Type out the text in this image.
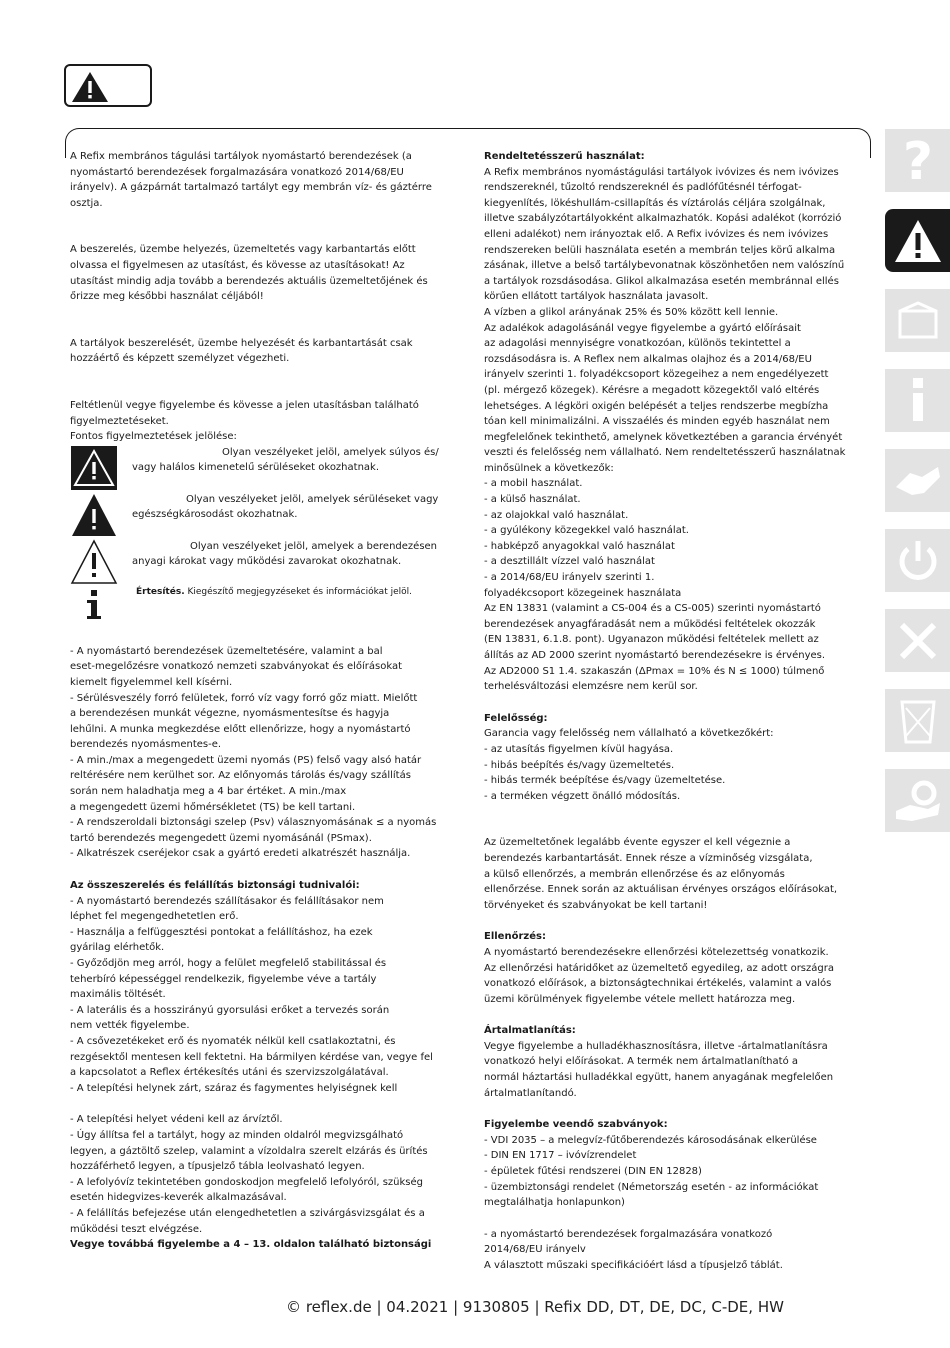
A Refix membrános tágulási tartályok nyomástartó berendezések (a
nyomástartó berendezések forgalmazására vonatkozó 2014/68/EU
irányelv). A gázpárnát tartalmazó tartályt egy membrán víz- és gáztérre
osztja.

A beszerelés, üzembe helyezés, üzemeltetés vagy karbantartás előtt
olvassa el figyelmesen az utasítást, és kövesse az utasításokat! Az
utasítást mindig adja tovább a berendezés aktuális üzemeltetőjének és
őrizze meg későbbi használat céljából!

A tartályok beszerelését, üzembe helyezését és karbantartását csak
hozzáértő és képzett személyzet végezheti.

Feltétlenül vegye figyelembe és kövesse a jelen utasításban található
figyelmeztetéseket.
Fontos figyelmeztetések jelölése:

Olyan veszélyeket jelöl, amelyek súlyos és/
vagy halálos kimenetelű sérüléseket okozhatnak.
Olyan veszélyeket jelöl, amelyek sérüléseket vagy
egészségkárosodást okozhatnak.
Olyan veszélyeket jelöl, amelyek a berendezésen
anyagi károkat vagy működési zavarokat okozhatnak.
Értesítés. Kiegészítő megjegyzéseket és információkat jelöl.

- A nyomástartó berendezések üzemeltetésére, valamint a bal
eset-megelőzésre vonatkozó nemzeti szabványokat és előírásokat
kiemelt figyelemmel kell kísérni.

- Sérülésveszély forró felületek, forró víz vagy forró gőz miatt. Mielőtt
a berendezésen munkát végezne, nyomásmentesítse és hagyja
lehűlni. A munka megkezdése előtt ellenőrizze, hogy a nyomástartó
berendezés nyomásmentes-e.

- A min./max a megengedett üzemi nyomás (PS) felső vagy alsó határ
reltérésére nem kerülhet sor. Az előnyomás tárolás és/vagy szállítás
során nem haladhatja meg a 4 bar értéket. A min./max
a megengedett üzemi hőmérsékletet (TS) be kell tartani.

- A rendszeroldali biztonsági szelep (Psv) válasznyomásának ≤ a nyomás
tartó berendezés megengedett üzemi nyomásánál (PSmax).

- Alkatrészek cseréjekor csak a gyártó eredeti alkatrészét használja.

Az összeszerelés és felállítás biztonsági tudnivalói:

- A nyomástartó berendezés szállításakor és felállításakor nem
léphet fel megengedhetetlen erő.

- Használja a felfüggesztési pontokat a felállításhoz, ha ezek
gyárilag elérhetők.

- Győződjön meg arról, hogy a felület megfelelő stabilitással és
teherbíró képességgel rendelkezik, figyelembe véve a tartály
maximális töltését.

- A laterális és a hosszirányú gyorsulási erőket a tervezés során
nem vették figyelembe.

- A csővezetékeket erő és nyomaték nélkül kell csatlakoztatni, és
rezgésektől mentesen kell fektetni. Ha bármilyen kérdése van, vegye fel
a kapcsolatot a Reflex értékesítés utáni és szervizszolgálatával.

- A telepítési helynek zárt, száraz és fagymentes helyiségnek kell

- A telepítési helyet védeni kell az árvíztől.

- Úgy állítsa fel a tartályt, hogy az minden oldalról megvizsgálható
legyen, a gáztöltő szelep, valamint a vízoldalra szerelt elzárás és ürítés
hozzáférhető legyen, a típusjelző tábla leolvasható legyen.

- A lefolyóvíz tekintetében gondoskodjon megfelelő lefolyóról, szükség
esetén hidegvizes-keverék alkalmazásával.

- A felállítás befejezése után elengedhetetlen a szivárgásvizsgálat és a
működési teszt elvégzése.

Vegye továbbá figyelembe a 4 – 13. oldalon található biztonsági

Rendeltetésszerű használat:

A Refix membrános nyomástágulási tartályok ivóvizes és nem ivóvizes
rendszereknél, tűzoltó rendszereknél és padlófűtésnél térfogat-
kiegyenlítés, lökéshullám-csillapítás és víztárolás céljára szolgálnak,
illetve szabályzótartályokként alkalmazhatók. Kopási adalékot (korrózió
elleni adalékot) nem irányoztak elő. A Refix ivóvizes és nem ivóvizes
rendszereken belüli használata esetén a membrán teljes körű alkalma
zásának, illetve a belső tartálybevonatnak köszönhetően nem valószínű
a tartályok rozsdásodása. Glikol alkalmazása esetén membránnal ellés
körűen ellátott tartályok használata javasolt.
A vízben a glikol arányának 25% és 50% között kell lennie.
Az adalékok adagolásánál vegye figyelembe a gyártó előírásait
az adagolási mennyiségre vonatkozóan, különös tekintettel a
rozsdásodásra is. A Reflex nem alkalmas olajhoz és a 2014/68/EU
irányelv szerinti 1. folyadékcsoport közegeihez a nem engedélyezett
(pl. mérgező közegek). Kérésre a megadott közegektől való eltérés
lehetséges. A légköri oxigén belépését a teljes rendszerbe megbízha
tóan kell minimalizálni. A visszaélés és minden egyéb használat nem
megfelelőnek tekinthető, amelynek következtében a garancia érvényét
veszti és felelősség nem vállalható. Nem rendeltetésszerű használatnak
minősülnek a következők:

- a mobil használat.

- a külső használat.

- az olajokkal való használat.

- a gyúlékony közegekkel való használat.

- habképző anyagokkal való használat

- a desztillált vízzel való használat

- a 2014/68/EU irányelv szerinti 1.
folyadékcsoport közegeinek használata

Az EN 13831 (valamint a CS-004 és a CS-005) szerinti nyomástartó
berendezések anyagfáradását nem a működési feltételek okozzák
(EN 13831, 6.1.8. pont). Ugyanazon működési feltételek mellett az
állítás az AD 2000 szerint nyomástartó berendezésekre is érvényes.
Az AD2000 S1 1.4. szakaszán (ΔPmax = 10% és N ≤ 1000) túlmenő
terhelésváltozási elemzésre nem kerül sor.

Felelősség:

Garancia vagy felelősség nem vállalható a következőkért:
- az utasítás figyelmen kívül hagyása.
- hibás beépítés és/vagy üzemeltetés.
- hibás termék beépítése és/vagy üzemeltetése.
- a terméken végzett önálló módosítás.

Az üzemeltetőnek legalább évente egyszer el kell végeznie a
berendezés karbantartását. Ennek része a vízminőség vizsgálata,
a külső ellenőrzés, a membrán ellenőrzése és az előnyomás
ellenőrzése. Ennek során az aktuálisan érvényes országos előírásokat,
törvényeket és szabványokat be kell tartani!

Ellenőrzés:

A nyomástartó berendezésekre ellenőrzési kötelezettség vonatkozik.
Az ellenőrzési határidőket az üzemeltető egyedileg, az adott országra
vonatkozó előírások, a biztonságtechnikai értékelés, valamint a valós
üzemi körülmények figyelembe vétele mellett határozza meg.

Ártalmatlanítás:

Vegye figyelembe a hulladékhasznosításra, illetve -ártalmatlanításra
vonatkozó helyi előírásokat. A termék nem ártalmatlanítható a
normál háztartási hulladékkal együtt, hanem anyagának megfelelően
ártalmatlanítandó.

Figyelembe veendő szabványok:

- VDI 2035 – a melegvíz-fűtőberendezés károsodásának elkerülése
- DIN EN 1717 – ivóvízrendelet
- épületek fűtési rendszerei (DIN EN 12828)
- üzembiztonsági rendelet (Németország esetén - az információkat
megtalálhatja honlapunkon)

- a nyomástartó berendezések forgalmazására vonatkozó
2014/68/EU irányelv
A választott műszaki specifikációért lásd a típusjelző táblát.

© reflex.de | 04.2021 | 9130805 | Refix DD, DT, DE, DC, C-DE, HW
?
